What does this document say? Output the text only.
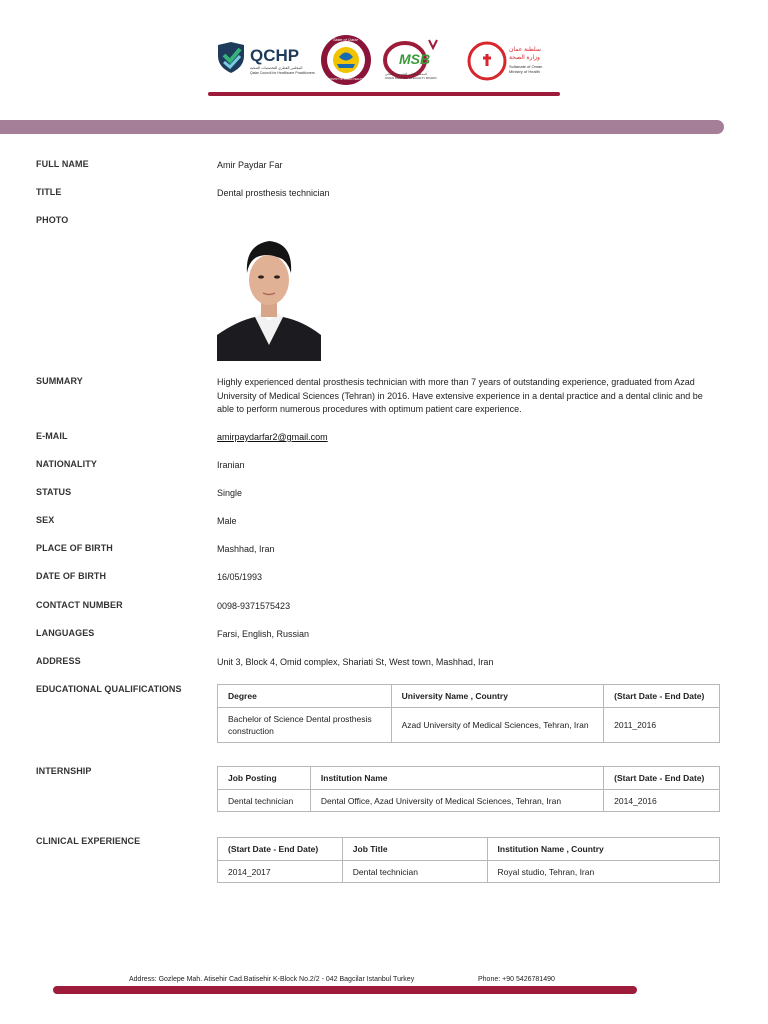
QCHP
المجلس القطري للتخصصات الصحية
Qatar Council for Healthcare Practitioners
State of Qatar
MINISTRY OF PUBLIC HEALTH
MSB
المجلس الطبي التخصصي العماني
OMAN MEDICAL SPECIALTY BOARD
سلطنة عمان
وزارة الصحة
Sultanate of Oman
Ministry of Health
FULL NAME	Amir Paydar Far
TITLE	Dental prosthesis technician
PHOTO
SUMMARY	Highly experienced dental prosthesis technician with more than 7 years of outstanding experience, graduated from Azad University of Medical Sciences (Tehran) in 2016. Have extensive experience in a dental practice and a dental clinic and be able to perform numerous procedures with optimum patient care experience.
E-MAIL	amirpaydarfar2@gmail.com
NATIONALITY	Iranian
STATUS	Single
SEX	Male
PLACE OF BIRTH	Mashhad, Iran
DATE OF BIRTH	16/05/1993
CONTACT NUMBER	0098-9371575423
LANGUAGES	Farsi, English, Russian
ADDRESS	Unit 3, Block 4, Omid complex, Shariati St, West town, Mashhad, Iran
EDUCATIONAL QUALIFICATIONS
Degree	University Name , Country	(Start Date - End Date)
Bachelor of Science Dental prosthesis construction	Azad University of Medical Sciences, Tehran, Iran	2011_2016
INTERNSHIP
Job Posting	Institution Name	(Start Date - End Date)
Dental technician	Dental Office, Azad University of Medical Sciences, Tehran, Iran	2014_2016
CLINICAL EXPERIENCE
(Start Date - End Date)	Job Title	Institution Name , Country
2014_2017	Dental technician	Royal studio, Tehran, Iran
Address: Gozlepe Mah. Atisehir Cad.Batisehir K-Block No.2/2 - 042 Bagcilar Istanbul Turkey	Phone: +90 5426781490
